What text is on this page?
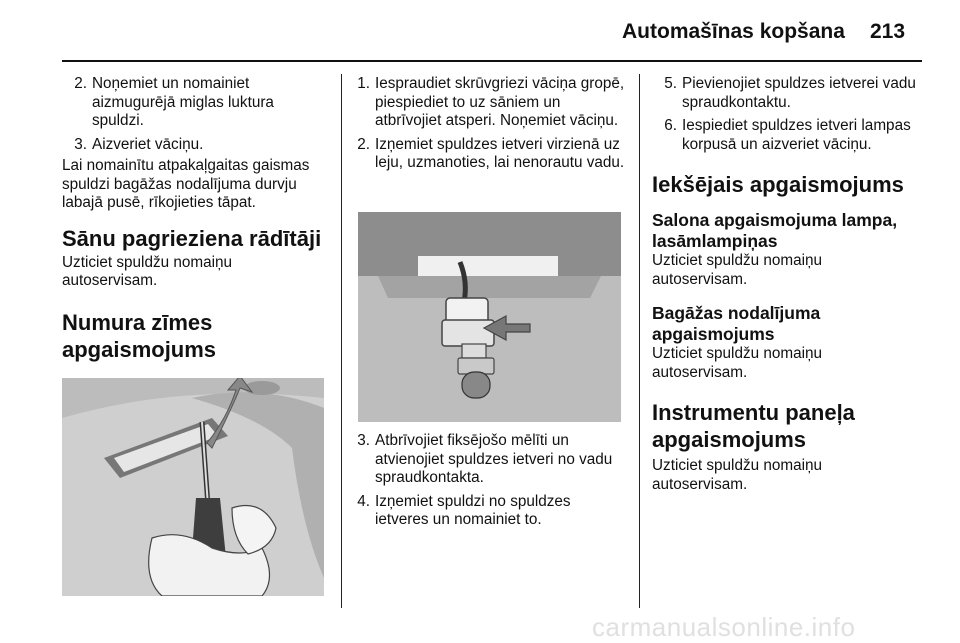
Automašīnas kopšana 213
2. Noņemiet un nomainiet aizmugurējā miglas luktura spuldzi.
3. Aizveriet vāciņu.
Lai nomainītu atpakaļgaitas gaismas spuldzi bagāžas nodalījuma durvju labajā pusē, rīkojieties tāpat.
Sānu pagrieziena rādītāji
Uzticiet spuldžu nomaiņu autoservisam.
Numura zīmes apgaismojums
1. Iespraudiet skrūvgriezi vāciņa gropē, piespiediet to uz sāniem un atbrīvojiet atsperi. Noņemiet vāciņu.
2. Izņemiet spuldzes ietveri virzienā uz leju, uzmanoties, lai nenorautu vadu.
3. Atbrīvojiet fiksējošo mēlīti un atvienojiet spuldzes ietveri no vadu spraudkontakta.
4. Izņemiet spuldzi no spuldzes ietveres un nomainiet to.
5. Pievienojiet spuldzes ietverei vadu spraudkontaktu.
6. Iespiediet spuldzes ietveri lampas korpusā un aizveriet vāciņu.
Iekšējais apgaismojums
Salona apgaismojuma lampa, lasāmlampiņas
Uzticiet spuldžu nomaiņu autoservisam.
Bagāžas nodalījuma apgaismojums
Uzticiet spuldžu nomaiņu autoservisam.
Instrumentu paneļa apgaismojums
Uzticiet spuldžu nomaiņu autoservisam.
carmanualsonline.info
